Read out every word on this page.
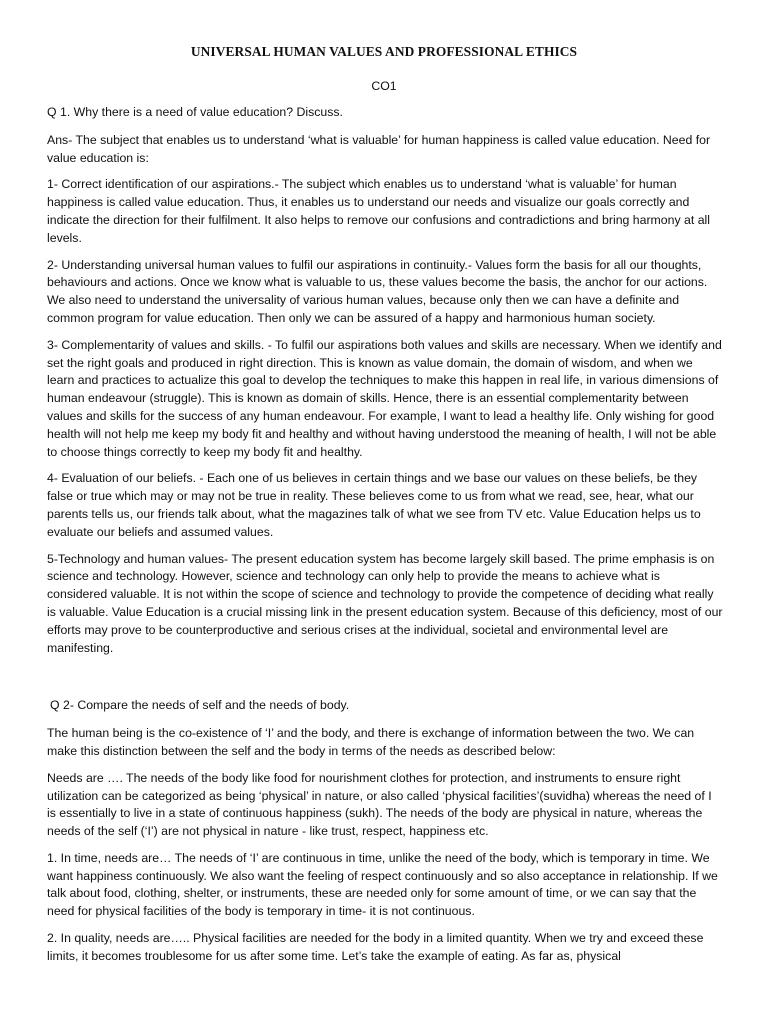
UNIVERSAL HUMAN VALUES AND PROFESSIONAL ETHICS
CO1

Q 1. Why there is a need of value education? Discuss.

Ans- The subject that enables us to understand ‘what is valuable’ for human happiness is called value education. Need for value education is:

1- Correct identification of our aspirations.- The subject which enables us to understand ‘what is valuable’ for human happiness is called value education. Thus, it enables us to understand our needs and visualize our goals correctly and indicate the direction for their fulfilment. It also helps to remove our confusions and contradictions and bring harmony at all levels.

2- Understanding universal human values to fulfil our aspirations in continuity.- Values form the basis for all our thoughts, behaviours and actions. Once we know what is valuable to us, these values become the basis, the anchor for our actions. We also need to understand the universality of various human values, because only then we can have a definite and common program for value education. Then only we can be assured of a happy and harmonious human society.

3- Complementarity of values and skills. - To fulfil our aspirations both values and skills are necessary. When we identify and set the right goals and produced in right direction. This is known as value domain, the domain of wisdom, and when we learn and practices to actualize this goal to develop the techniques to make this happen in real life, in various dimensions of human endeavour (struggle). This is known as domain of skills. Hence, there is an essential complementarity between values and skills for the success of any human endeavour. For example, I want to lead a healthy life. Only wishing for good health will not help me keep my body fit and healthy and without having understood the meaning of health, I will not be able to choose things correctly to keep my body fit and healthy.

4- Evaluation of our beliefs. - Each one of us believes in certain things and we base our values on these beliefs, be they false or true which may or may not be true in reality. These believes come to us from what we read, see, hear, what our parents tells us, our friends talk about, what the magazines talk of what we see from TV etc. Value Education helps us to evaluate our beliefs and assumed values.

5-Technology and human values- The present education system has become largely skill based. The prime emphasis is on science and technology. However, science and technology can only help to provide the means to achieve what is considered valuable. It is not within the scope of science and technology to provide the competence of deciding what really is valuable. Value Education is a crucial missing link in the present education system. Because of this deficiency, most of our efforts may prove to be counterproductive and serious crises at the individual, societal and environmental level are manifesting.

Q 2- Compare the needs of self and the needs of body.

The human being is the co-existence of ‘I’ and the body, and there is exchange of information between the two. We can make this distinction between the self and the body in terms of the needs as described below:

Needs are …. The needs of the body like food for nourishment clothes for protection, and instruments to ensure right utilization can be categorized as being ‘physical’ in nature, or also called ‘physical facilities’(suvidha) whereas the need of I is essentially to live in a state of continuous happiness (sukh). The needs of the body are physical in nature, whereas the needs of the self (‘I’) are not physical in nature - like trust, respect, happiness etc.

1. In time, needs are… The needs of ‘I’ are continuous in time, unlike the need of the body, which is temporary in time. We want happiness continuously. We also want the feeling of respect continuously and so also acceptance in relationship. If we talk about food, clothing, shelter, or instruments, these are needed only for some amount of time, or we can say that the need for physical facilities of the body is temporary in time- it is not continuous.

2. In quality, needs are….. Physical facilities are needed for the body in a limited quantity. When we try and exceed these limits, it becomes troublesome for us after some time. Let’s take the example of eating. As far as, physical
